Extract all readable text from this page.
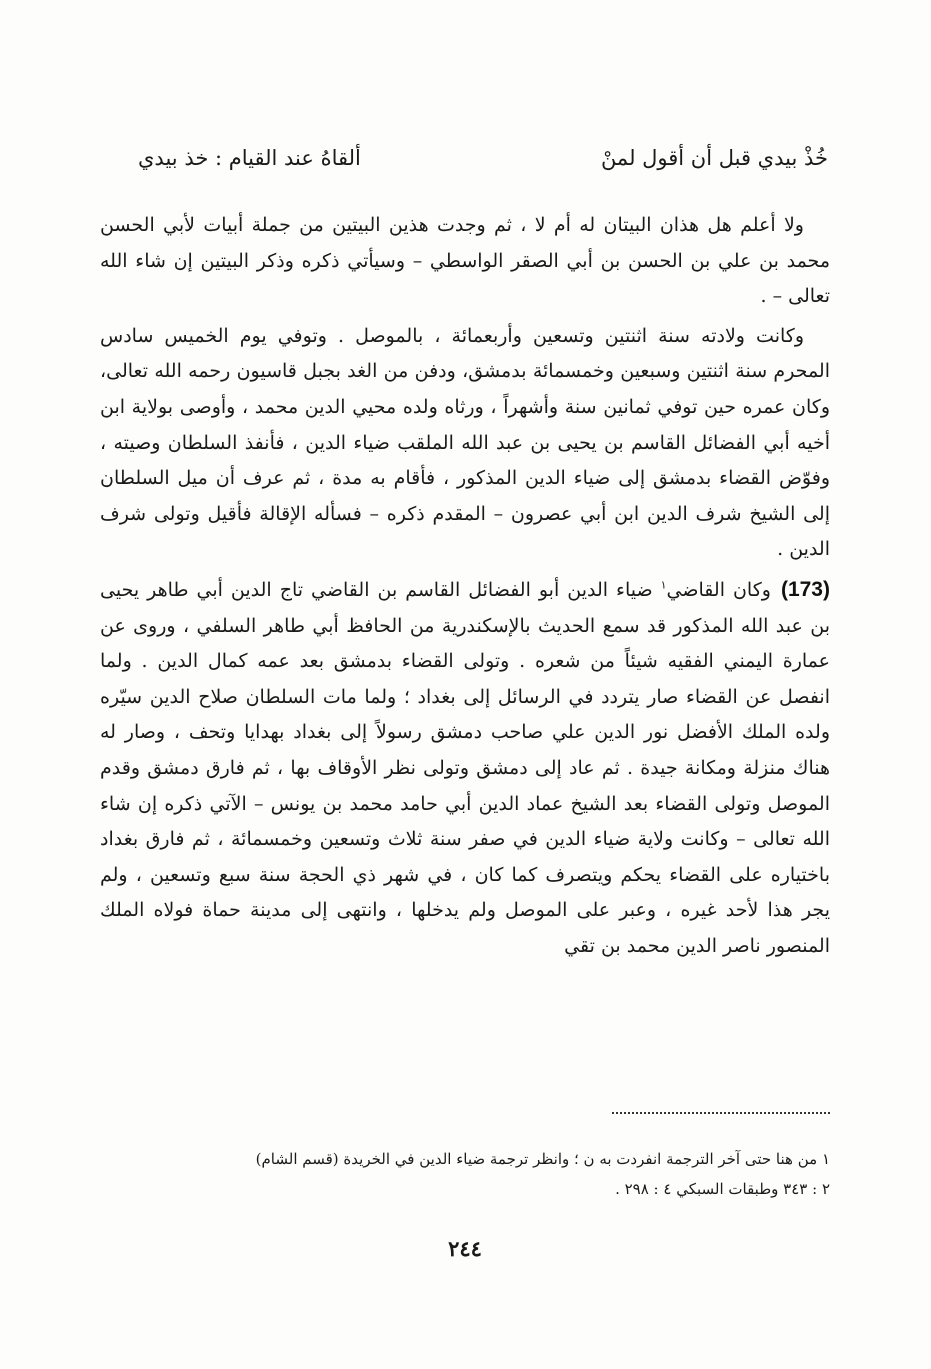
خُذْ بيدي قبل أن أقول لمنْ
ألقاهُ عند القيام : خذ بيدي

ولا أعلم هل هذان البيتان له أم لا ، ثم وجدت هذين البيتين من جملة أبيات لأبي الحسن محمد بن علي بن الحسن بن أبي الصقر الواسطي – وسيأتي ذكره وذكر البيتين إن شاء الله تعالى – .

وكانت ولادته سنة اثنتين وتسعين وأربعمائة ، بالموصل . وتوفي يوم الخميس سادس المحرم سنة اثنتين وسبعين وخمسمائة بدمشق، ودفن من الغد بجبل قاسيون رحمه الله تعالى، وكان عمره حين توفي ثمانين سنة وأشهراً ، ورثاه ولده محيي الدين محمد ، وأوصى بولاية ابن أخيه أبي الفضائل القاسم بن يحيى بن عبد الله الملقب ضياء الدين ، فأنفذ السلطان وصيته ، وفوّض القضاء بدمشق إلى ضياء الدين المذكور ، فأقام به مدة ، ثم عرف أن ميل السلطان إلى الشيخ شرف الدين ابن أبي عصرون – المقدم ذكره – فسأله الإقالة فأقيل وتولى شرف الدين .

(173)وكان القاضي$^١$ ضياء الدين أبو الفضائل القاسم بن القاضي تاج الدين أبي طاهر يحيى بن عبد الله المذكور قد سمع الحديث بالإسكندرية من الحافظ أبي طاهر السلفي ، وروى عن عمارة اليمني الفقيه شيئاً من شعره . وتولى القضاء بدمشق بعد عمه كمال الدين . ولما انفصل عن القضاء صار يتردد في الرسائل إلى بغداد ؛ ولما مات السلطان صلاح الدين سيّره ولده الملك الأفضل نور الدين علي صاحب دمشق رسولاً إلى بغداد بهدايا وتحف ، وصار له هناك منزلة ومكانة جيدة . ثم عاد إلى دمشق وتولى نظر الأوقاف بها ، ثم فارق دمشق وقدم الموصل وتولى القضاء بعد الشيخ عماد الدين أبي حامد محمد بن يونس – الآتي ذكره إن شاء الله تعالى – وكانت ولاية ضياء الدين في صفر سنة ثلاث وتسعين وخمسمائة ، ثم فارق بغداد باختياره على القضاء يحكم ويتصرف كما كان ، في شهر ذي الحجة سنة سبع وتسعين ، ولم يجر هذا لأحد غيره ، وعبر على الموصل ولم يدخلها ، وانتهى إلى مدينة حماة فولاه الملك المنصور ناصر الدين محمد بن تقي

١ من هنا حتى آخر الترجمة انفردت به ن ؛ وانظر ترجمة ضياء الدين في الخريدة (قسم الشام)
٢ : ٣٤٣ وطبقات السبكي ٤ : ٢٩٨ .
٢٤٤
